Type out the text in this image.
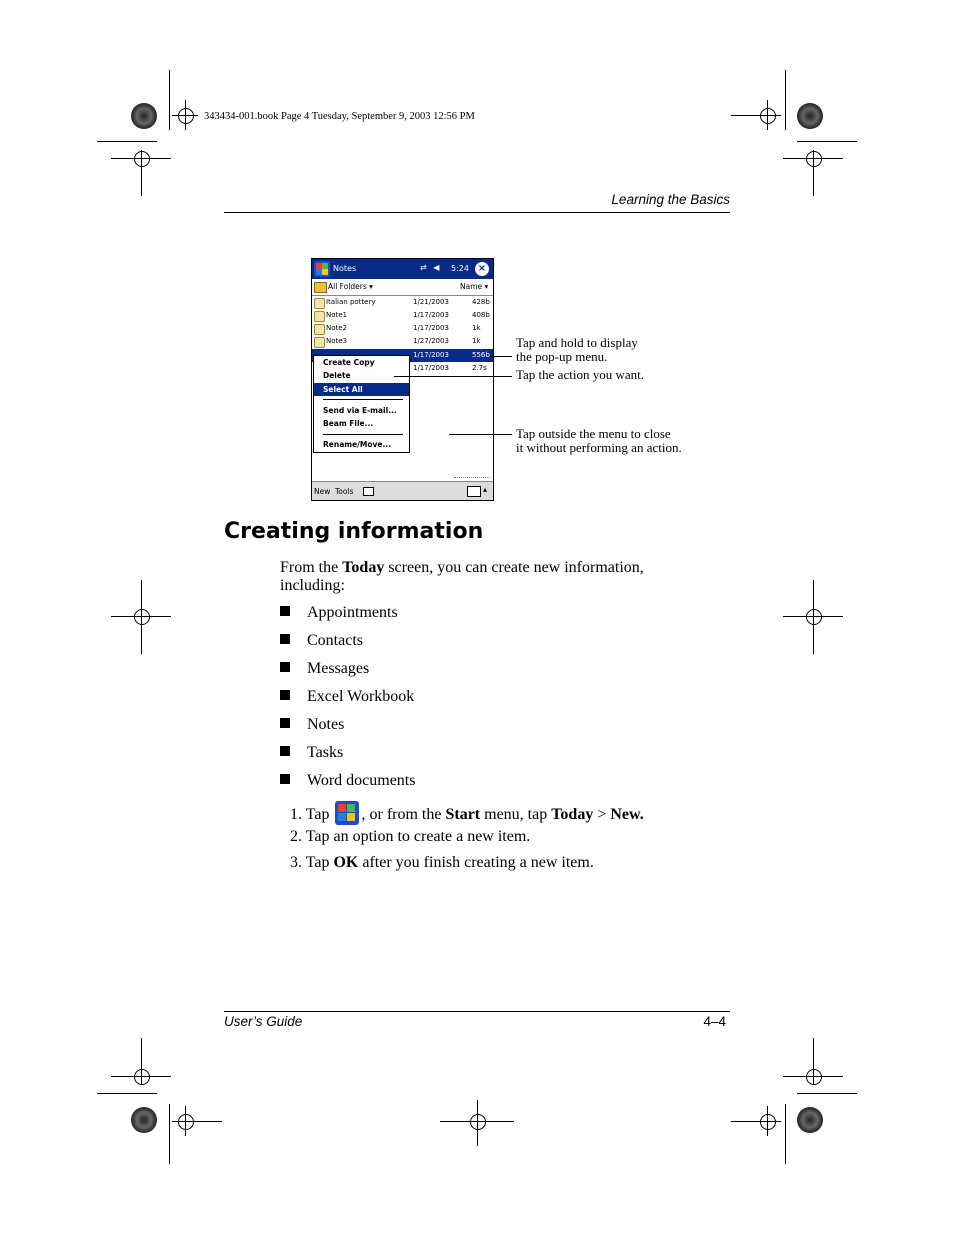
343434-001.book Page 4 Tuesday, September 9, 2003 12:56 PM
Learning the Basics
Notes	⇄ ◀ 5:24 ×
All Folders ▾	Name ▾
Italian pottery	1/21/2003	428b
Note1	1/17/2003	408b
Note2	1/17/2003	1k
Note3	1/27/2003	1k
1/17/2003	556b
1/17/2003	2.7s
Create Copy
Delete
Select All
Send via E-mail...
Beam File...
Rename/Move...
New Tools	▴
Tap and hold to display
the pop-up menu.
Tap the action you want.
Tap outside the menu to close
it without performing an action.
Creating information
From the Today screen, you can create new information, including:
Appointments
Contacts
Messages
Excel Workbook
Notes
Tasks
Word documents
1. Tap
, or from the Start menu, tap Today > New.
2. Tap an option to create a new item.
3. Tap OK after you finish creating a new item.
User’s Guide	4–4
